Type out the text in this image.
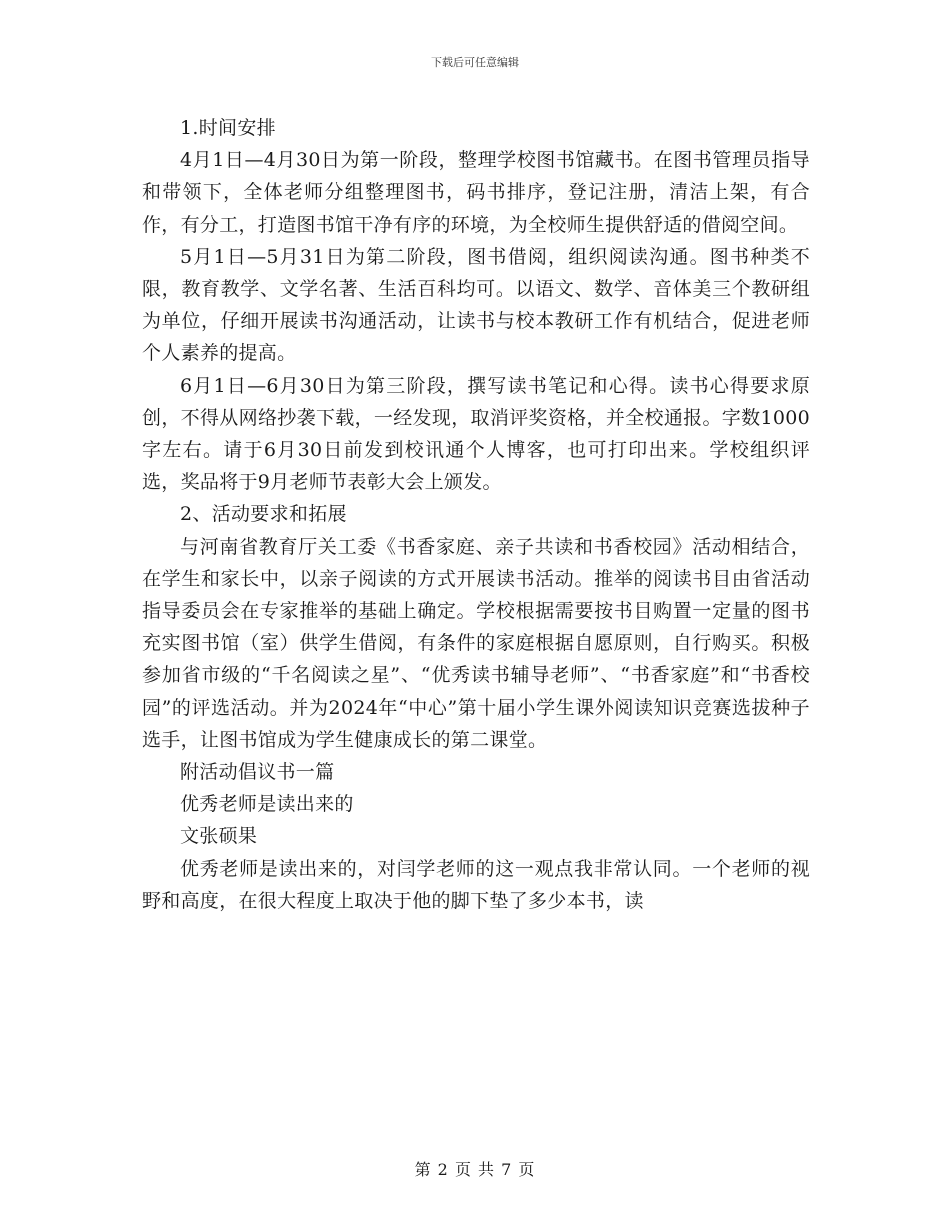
下载后可任意编辑

1.时间安排

4月1日—4月30日为第一阶段，整理学校图书馆藏书。在图书管理员指导和带领下，全体老师分组整理图书，码书排序，登记注册，清洁上架，有合作，有分工，打造图书馆干净有序的环境，为全校师生提供舒适的借阅空间。

5月1日—5月31日为第二阶段，图书借阅，组织阅读沟通。图书种类不限，教育教学、文学名著、生活百科均可。以语文、数学、音体美三个教研组为单位，仔细开展读书沟通活动，让读书与校本教研工作有机结合，促进老师个人素养的提高。

6月1日—6月30日为第三阶段，撰写读书笔记和心得。读书心得要求原创，不得从网络抄袭下载，一经发现，取消评奖资格，并全校通报。字数1000字左右。请于6月30日前发到校讯通个人博客，也可打印出来。学校组织评选，奖品将于9月老师节表彰大会上颁发。

2、活动要求和拓展

与河南省教育厅关工委《书香家庭、亲子共读和书香校园》活动相结合，在学生和家长中，以亲子阅读的方式开展读书活动。推举的阅读书目由省活动指导委员会在专家推举的基础上确定。学校根据需要按书目购置一定量的图书充实图书馆（室）供学生借阅，有条件的家庭根据自愿原则，自行购买。积极参加省市级的“千名阅读之星”、“优秀读书辅导老师”、“书香家庭”和“书香校园”的评选活动。并为2024年“中心”第十届小学生课外阅读知识竞赛选拔种子选手，让图书馆成为学生健康成长的第二课堂。

附活动倡议书一篇

优秀老师是读出来的

文张硕果

优秀老师是读出来的，对闫学老师的这一观点我非常认同。一个老师的视野和高度，在很大程度上取决于他的脚下垫了多少本书，读

第 2 页 共 7 页
